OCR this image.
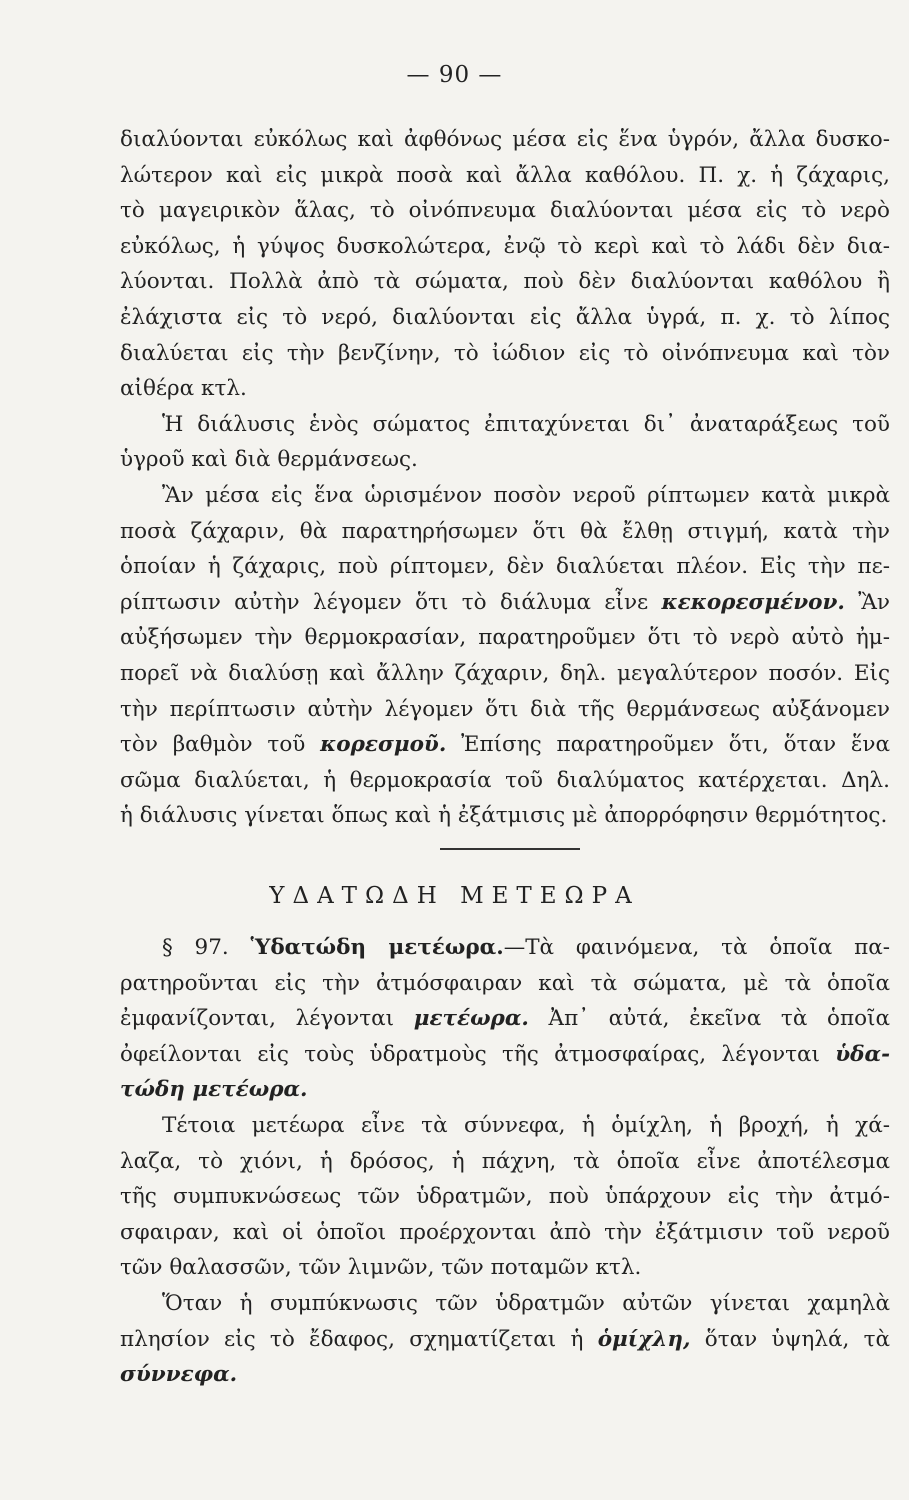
— 90 —
διαλύονται εὐκόλως καὶ ἀφθόνως μέσα εἰς ἕνα ὑγρόν, ἄλλα δυσκο-
λώτερον καὶ εἰς μικρὰ ποσὰ καὶ ἄλλα καθόλου. Π. χ. ἡ ζάχαρις,
τὸ μαγειρικὸν ἅλας, τὸ οἰνόπνευμα διαλύονται μέσα εἰς τὸ νερὸ
εὐκόλως, ἡ γύψος δυσκολώτερα, ἐνῷ τὸ κερὶ καὶ τὸ λάδι δὲν δια-
λύονται. Πολλὰ ἀπὸ τὰ σώματα, ποὺ δὲν διαλύονται καθόλου ἢ
ἐλάχιστα εἰς τὸ νερό, διαλύονται εἰς ἄλλα ὑγρά, π. χ. τὸ λίπος
διαλύεται εἰς τὴν βενζίνην, τὸ ἰώδιον εἰς τὸ οἰνόπνευμα καὶ τὸν
αἰθέρα κτλ.
Ἡ διάλυσις ἑνὸς σώματος ἐπιταχύνεται δι᾽ ἀναταράξεως τοῦ
ὑγροῦ καὶ διὰ θερμάνσεως.
Ἂν μέσα εἰς ἕνα ὡρισμένον ποσὸν νεροῦ ρίπτωμεν κατὰ μικρὰ
ποσὰ ζάχαριν, θὰ παρατηρήσωμεν ὅτι θὰ ἔλθῃ στιγμή, κατὰ τὴν
ὁποίαν ἡ ζάχαρις, ποὺ ρίπτομεν, δὲν διαλύεται πλέον. Εἰς τὴν πε-
ρίπτωσιν αὐτὴν λέγομεν ὅτι τὸ διάλυμα εἶνε κεκορεσμένον. Ἂν
αὐξήσωμεν τὴν θερμοκρασίαν, παρατηροῦμεν ὅτι τὸ νερὸ αὐτὸ ἠμ-
πορεῖ νὰ διαλύσῃ καὶ ἄλλην ζάχαριν, δηλ. μεγαλύτερον ποσόν. Εἰς
τὴν περίπτωσιν αὐτὴν λέγομεν ὅτι διὰ τῆς θερμάνσεως αὐξάνομεν
τὸν βαθμὸν τοῦ κορεσμοῦ. Ἐπίσης παρατηροῦμεν ὅτι, ὅταν ἕνα
σῶμα διαλύεται, ἡ θερμοκρασία τοῦ διαλύματος κατέρχεται. Δηλ.
ἡ διάλυσις γίνεται ὅπως καὶ ἡ ἐξάτμισις μὲ ἀπορρόφησιν θερμότητος.
ΥΔΑΤΩΔΗ ΜΕΤΕΩΡΑ
§ 97. Ὑδατώδη μετέωρα.—Τὰ φαινόμενα, τὰ ὁποῖα πα-
ρατηροῦνται εἰς τὴν ἀτμόσφαιραν καὶ τὰ σώματα, μὲ τὰ ὁποῖα
ἐμφανίζονται, λέγονται μετέωρα. Ἀπ᾽ αὐτά, ἐκεῖνα τὰ ὁποῖα
ὀφείλονται εἰς τοὺς ὑδρατμοὺς τῆς ἀτμοσφαίρας, λέγονται ὑδα-
τώδη μετέωρα.
Τέτοια μετέωρα εἶνε τὰ σύννεφα, ἡ ὁμίχλη, ἡ βροχή, ἡ χά-
λαζα, τὸ χιόνι, ἡ δρόσος, ἡ πάχνη, τὰ ὁποῖα εἶνε ἀποτέλεσμα
τῆς συμπυκνώσεως τῶν ὑδρατμῶν, ποὺ ὑπάρχουν εἰς τὴν ἀτμό-
σφαιραν, καὶ οἱ ὁποῖοι προέρχονται ἀπὸ τὴν ἐξάτμισιν τοῦ νεροῦ
τῶν θαλασσῶν, τῶν λιμνῶν, τῶν ποταμῶν κτλ.
Ὅταν ἡ συμπύκνωσις τῶν ὑδρατμῶν αὐτῶν γίνεται χαμηλὰ
πλησίον εἰς τὸ ἔδαφος, σχηματίζεται ἡ ὁμίχλη, ὅταν ὑψηλά, τὰ
σύννεφα.
